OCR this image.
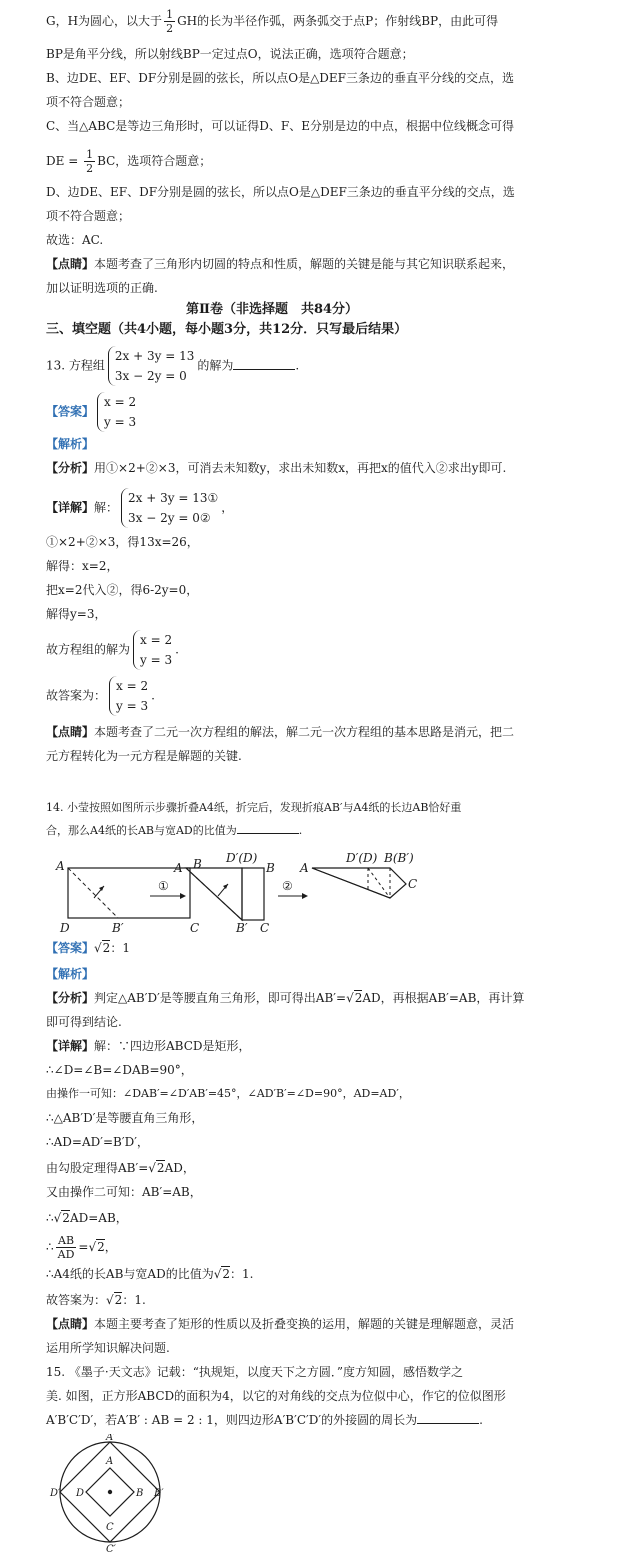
G，H为圆心，以大于 $\frac{1}{2}$ GH的长为半径作弧，两条弧交于点P；作射线BP，由此可得
BP是角平分线，所以射线BP一定过点O，说法正确，选项符合题意；
B、边DE、EF、DF分别是圆的弦长，所以点O是△DEF三条边的垂直平分线的交点，选
项不符合题意；
C、当△ABC是等边三角形时，可以证得D、F、E分别是边的中点，根据中位线概念可得
DE = $\frac{1}{2}$ BC，选项符合题意；
D、边DE、EF、DF分别是圆的弦长，所以点O是△DEF三条边的垂直平分线的交点，选
项不符合题意；
故选：AC.
【点睛】本题考查了三角形内切圆的特点和性质，解题的关键是能与其它知识联系起来，
加以证明选项的正确.
第Ⅱ卷（非选择题　共84分）
三、填空题（共4小题，每小题3分，共12分．只写最后结果）
13. 方程组
2x + 3y = 13
3x − 2y = 0
的解为	.
【答案】
x = 2
y = 3
【解析】
【分析】用①×2+②×3，可消去未知数y，求出未知数x，再把x的值代入②求出y即可.
【详解】解：
2x + 3y = 13①
3x − 2y = 0②
，
①×2+②×3，得13x=26，
解得：x=2，
把x=2代入②，得6-2y=0，
解得y=3，
故方程组的解为
x = 2
y = 3
.
故答案为：
x = 2
y = 3
.
【点睛】本题考查了二元一次方程组的解法，解二元一次方程组的基本思路是消元，把二
元方程转化为一元方程是解题的关键.
14. 小莹按照如图所示步骤折叠A4纸，折完后，发现折痕AB′与A4纸的长边AB恰好重
合，那么A4纸的长AB与宽AD的比值为	.
A	B
D	B′	C
①
A
D′(D)
B
B′ C
②
A
D′(D) B(B′)
C
【答案】√2：1
【解析】
【分析】判定△AB′D′是等腰直角三角形，即可得出AB′=√2AD，再根据AB′=AB，再计算
即可得到结论.
【详解】解：∵四边形ABCD是矩形，
∴∠D=∠B=∠DAB=90°，
由操作一可知：∠DAB′=∠D′AB′=45°，∠AD′B′=∠D=90°，AD=AD′，
∴△AB′D′是等腰直角三角形，
∴AD=AD′=B′D′，
由勾股定理得AB′=√2AD，
又由操作二可知：AB′=AB，
∴√2AD=AB，
∴ $\frac{AB}{AD} =√2$，
∴A4纸的长AB与宽AD的比值为√2：1.
故答案为：√2：1.
【点睛】本题主要考查了矩形的性质以及折叠变换的运用，解题的关键是理解题意，灵活
运用所学知识解决问题.
15. 《墨子·天文志》记载：“执规矩，以度天下之方圆．”度方知圆，感悟数学之
美. 如图，正方形ABCD的面积为4，以它的对角线的交点为位似中心，作它的位似图形
A′B′C′D′，若A′B′ : AB = 2 : 1，则四边形A′B′C′D′的外接圆的周长为	.
A′
A
B B′
C
C′
D
D′
